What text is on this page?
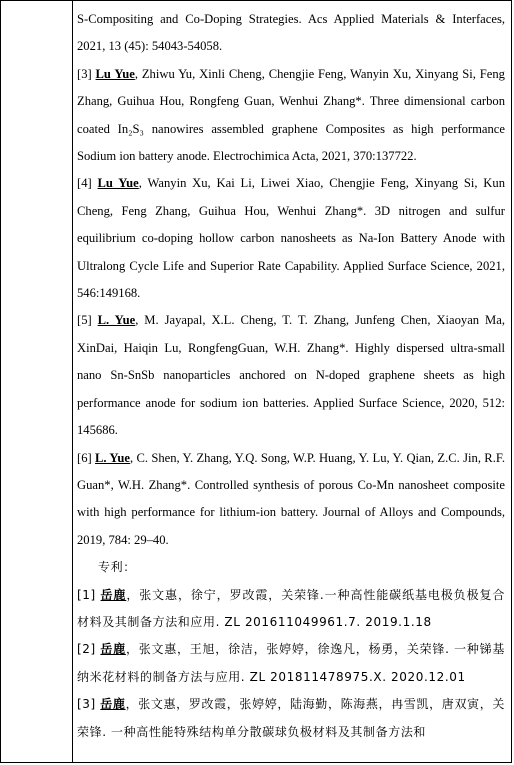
S-Compositing and Co-Doping Strategies. Acs Applied Materials & Interfaces, 2021, 13 (45): 54043-54058.

[3] Lu Yue, Zhiwu Yu, Xinli Cheng, Chengjie Feng, Wanyin Xu, Xinyang Si, Feng Zhang, Guihua Hou, Rongfeng Guan, Wenhui Zhang*. Three dimensional carbon coated In₂S₃ nanowires assembled graphene Composites as high performance Sodium ion battery anode. Electrochimica Acta, 2021, 370:137722.

[4] Lu Yue, Wanyin Xu, Kai Li, Liwei Xiao, Chengjie Feng, Xinyang Si, Kun Cheng, Feng Zhang, Guihua Hou, Wenhui Zhang*. 3D nitrogen and sulfur equilibrium co-doping hollow carbon nanosheets as Na-Ion Battery Anode with Ultralong Cycle Life and Superior Rate Capability. Applied Surface Science, 2021, 546:149168.

[5] L. Yue, M. Jayapal, X.L. Cheng, T. T. Zhang, Junfeng Chen, Xiaoyan Ma, XinDai, Haiqin Lu, RongfengGuan, W.H. Zhang*. Highly dispersed ultra-small nano Sn-SnSb nanoparticles anchored on N-doped graphene sheets as high performance anode for sodium ion batteries. Applied Surface Science, 2020, 512: 145686.

[6] L. Yue, C. Shen, Y. Zhang, Y.Q. Song, W.P. Huang, Y. Lu, Y. Qian, Z.C. Jin, R.F. Guan*, W.H. Zhang*. Controlled synthesis of porous Co-Mn nanosheet composite with high performance for lithium-ion battery. Journal of Alloys and Compounds, 2019, 784: 29–40.

专利：

[1] 岳鹿，张文惠，徐宁，罗改霞，关荣锋.一种高性能碳纸基电极负极复合材料及其制备方法和应用. ZL 201611049961.7. 2019.1.18

[2] 岳鹿，张文惠，王旭，徐洁，张婷婷，徐逸凡，杨勇，关荣锋. 一种锑基纳米花材料的制备方法与应用. ZL 201811478975.X. 2020.12.01

[3] 岳鹿，张文惠，罗改霞，张婷婷，陆海勤，陈海燕，冉雪凯，唐双寅，关荣锋. 一种高性能特殊结构单分散碳球负极材料及其制备方法和
